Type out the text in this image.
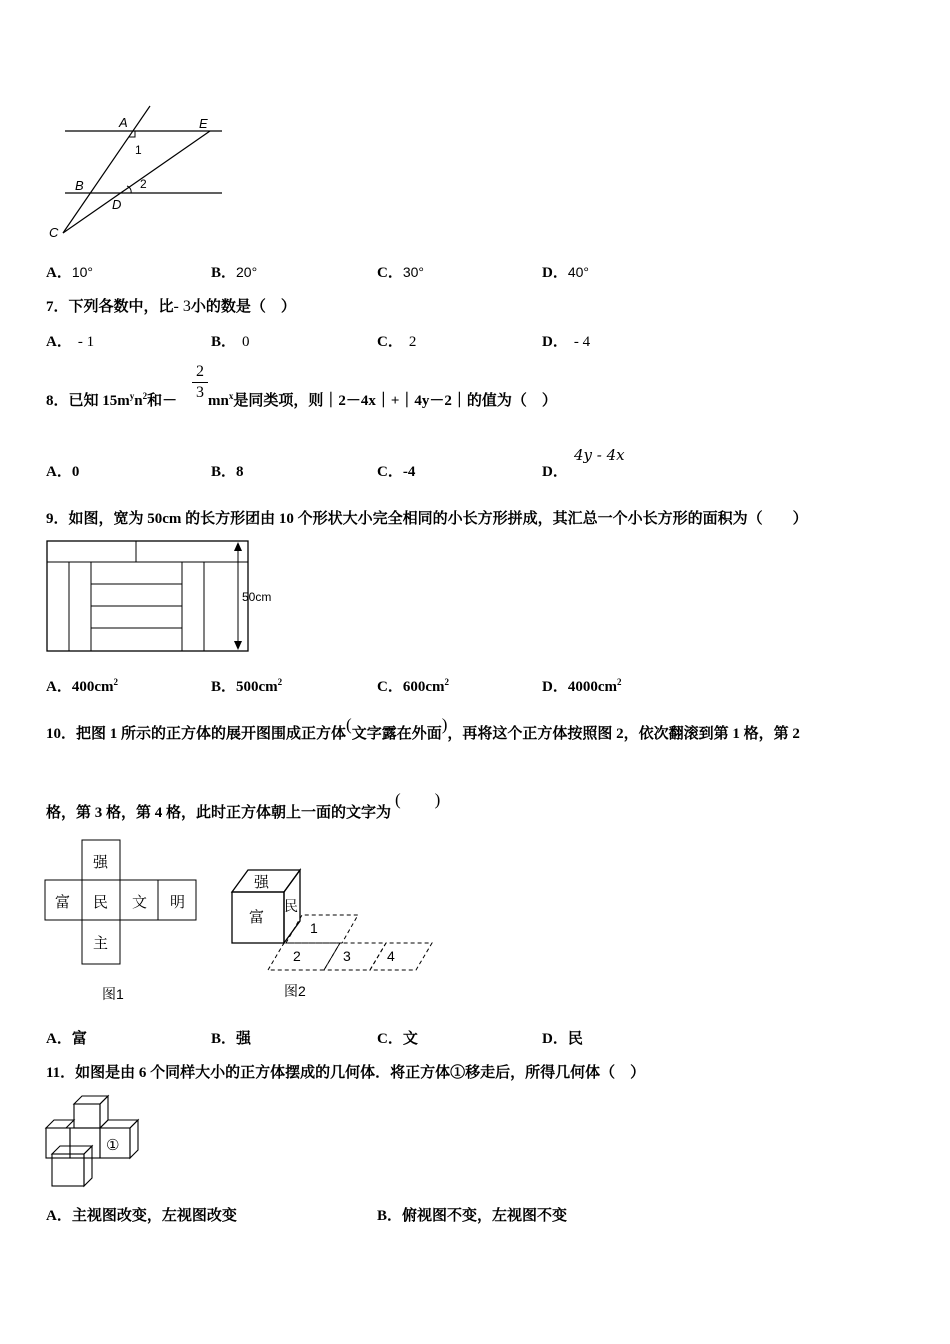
A	E
1
B	2
D
C
A．10°	B．20°	C．30°	D．40°
7．下列各数中，比- 3小的数是（　）
A． - 1	B． 0	C． 2	D． - 4
8．已知 $15m^yn^2$和－
2
3 $mn^x$是同类项，则｜2－4x｜+｜4y－2｜的值为（　）
A．0	B．8	C．-4	D．
4y - 4x
9．如图，宽为 50cm 的长方形团由 10 个形状大小完全相同的小长方形拼成，其汇总一个小长方形的面积为（　　）
50cm
A．$400cm^2$	B．$500cm^2$	C．$600cm^2$	D．$4000cm^2$
10．把图 1 所示的正方体的展开图围成正方体(文字露在外面)，再将这个正方体按照图 2，依次翻滚到第 1 格，第 2
格，第 3 格，第 4 格，此时正方体朝上一面的文字为(　　)
强
富 民 文 明
主
图1
强
富
民
1
2	3	4
图2
A．富	B．强	C．文	D．民
11．如图是由 6 个同样大小的正方体摆成的几何体．将正方体①移走后，所得几何体（　）
①
A．主视图改变，左视图改变	B．俯视图不变，左视图不变
